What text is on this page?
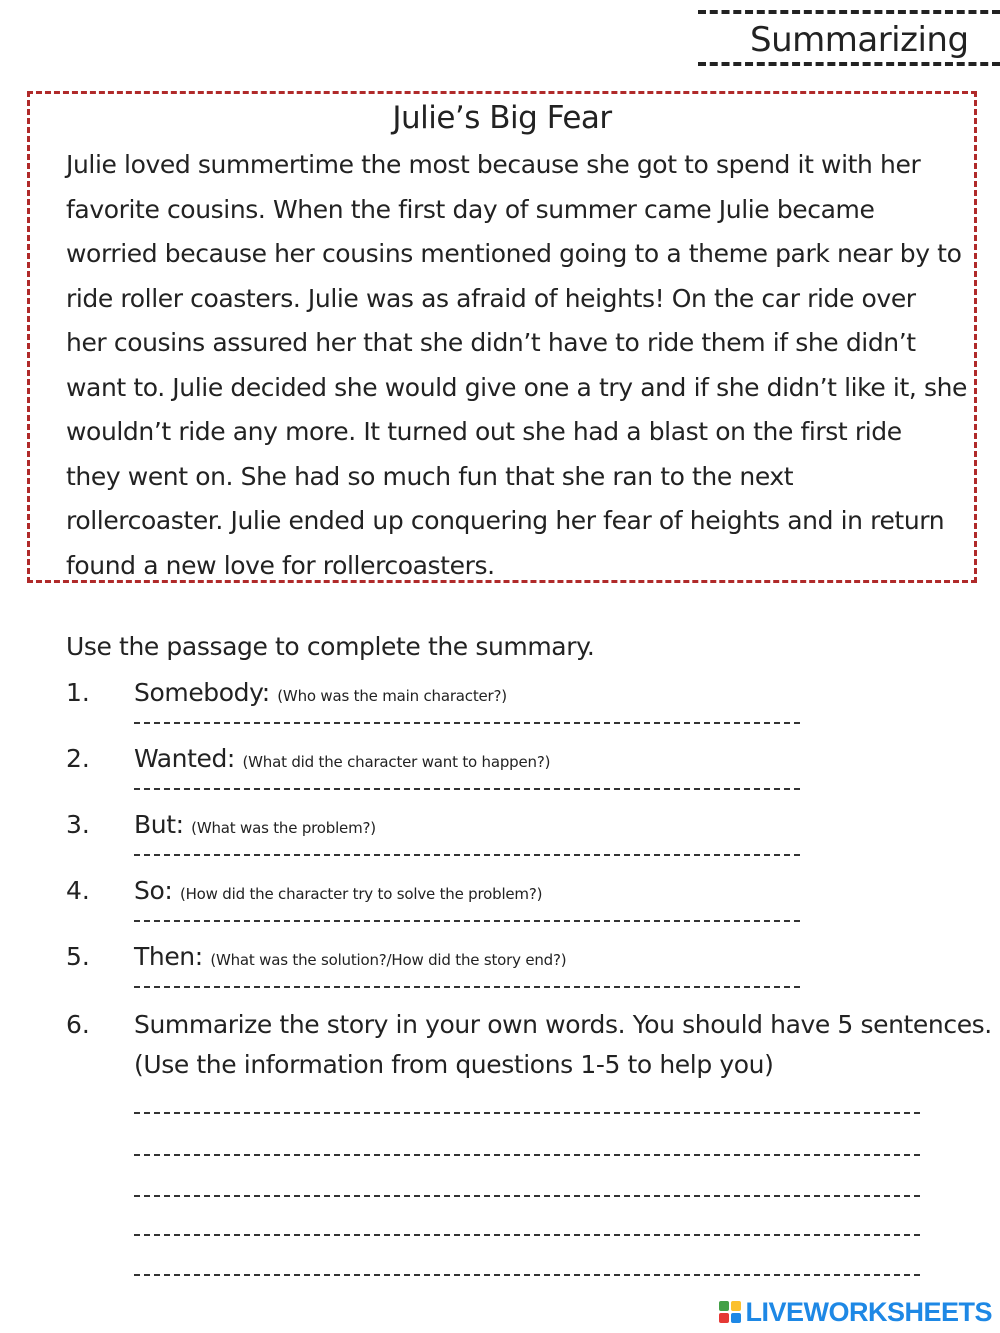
Summarizing
Julie’s Big Fear
Julie loved summertime the most because she got to spend it with her
favorite cousins. When the first day of summer came Julie became
worried because her cousins mentioned going to a theme park near by to
ride roller coasters. Julie was as afraid of heights! On the car ride over
her cousins assured her that she didn’t have to ride them if she didn’t
want to. Julie decided she would give one a try and if she didn’t like it, she
wouldn’t ride any more. It turned out she had a blast on the first ride
they went on. She had so much fun that she ran to the next
rollercoaster. Julie ended up conquering her fear of heights and in return
found a new love for rollercoasters.
Use the passage to complete the summary.
1. Somebody: (Who was the main character?)
2. Wanted: (What did the character want to happen?)
3. But: (What was the problem?)
4. So: (How did the character try to solve the problem?)
5. Then: (What was the solution?/How did the story end?)
6. Summarize the story in your own words. You should have 5 sentences.
(Use the information from questions 1-5 to help you)
LIVEWORKSHEETS
